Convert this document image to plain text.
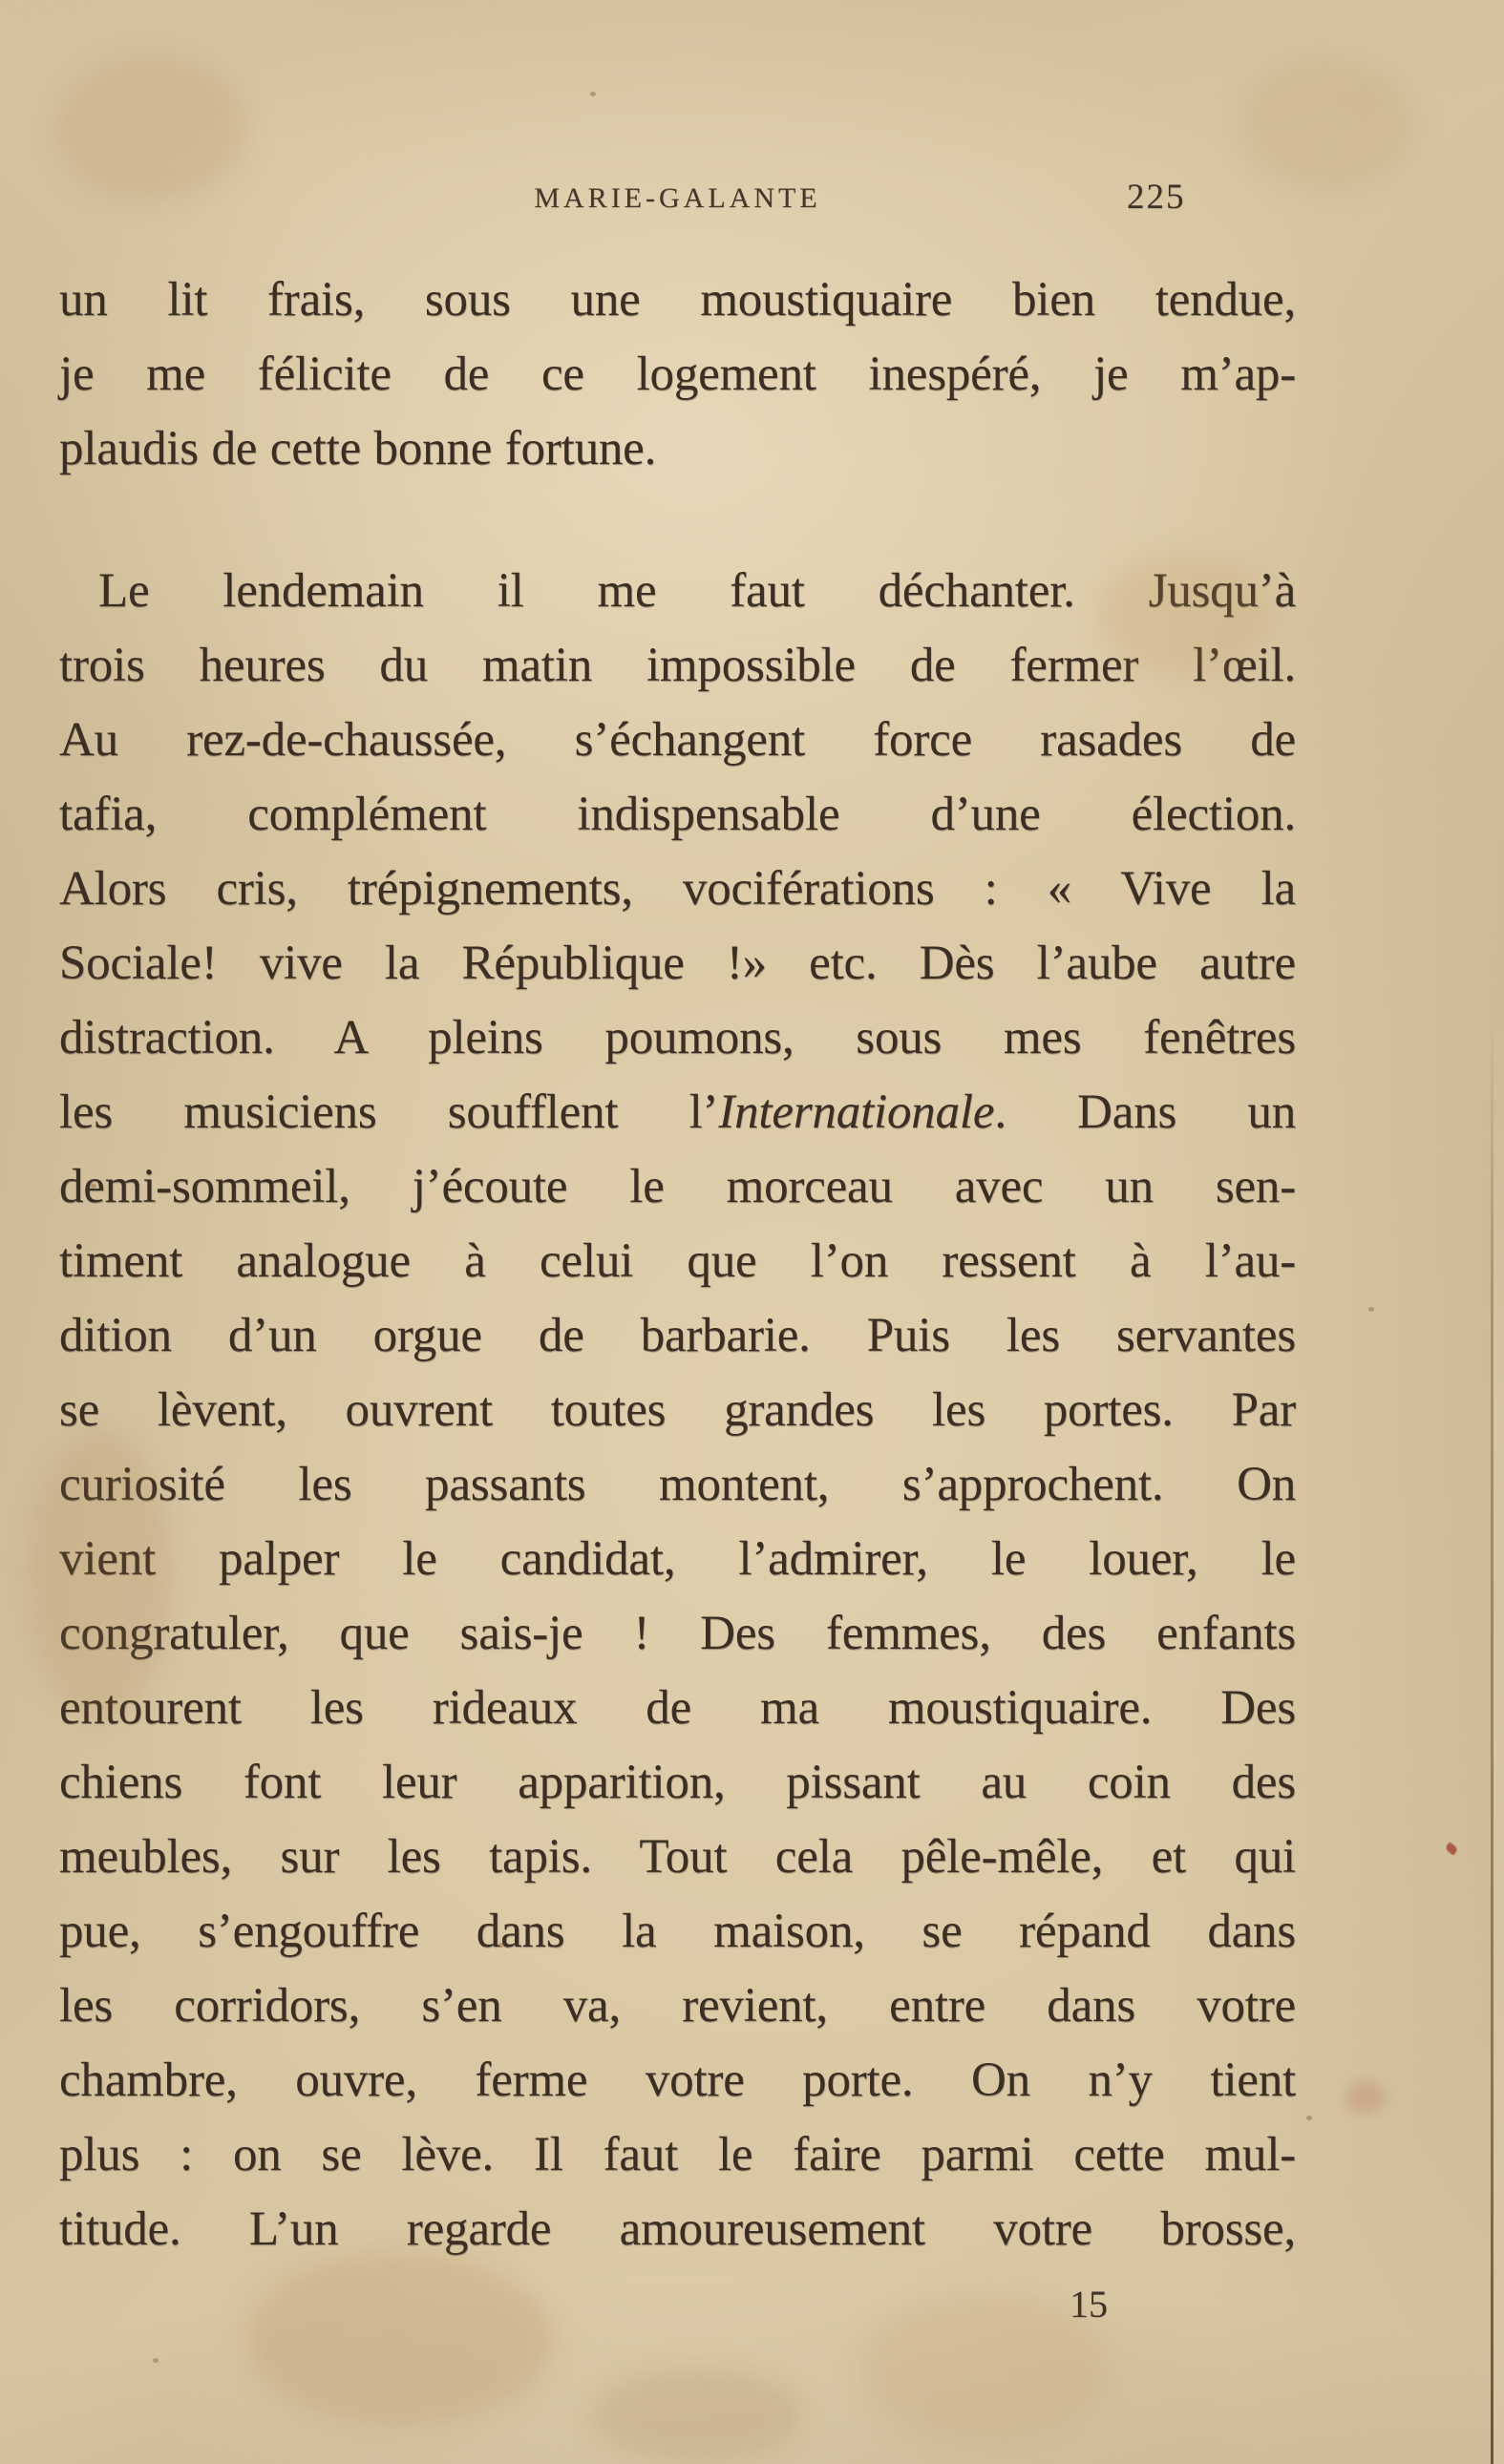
MARIE-GALANTE	225
un lit frais, sous une moustiquaire bien tendue,
je me félicite de ce logement inespéré, je m’ap-
plaudis de cette bonne fortune.
Le lendemain il me faut déchanter. Jusqu’à
trois heures du matin impossible de fermer l’œil.
Au rez-de-chaussée, s’échangent force rasades de
tafia, complément indispensable d’une élection.
Alors cris, trépignements, vociférations : « Vive la
Sociale! vive la République !» etc. Dès l’aube autre
distraction. A pleins poumons, sous mes fenêtres
les musiciens soufflent l’Internationale. Dans un
demi-sommeil, j’écoute le morceau avec un sen-
timent analogue à celui que l’on ressent à l’au-
dition d’un orgue de barbarie. Puis les servantes
se lèvent, ouvrent toutes grandes les portes. Par
curiosité les passants montent, s’approchent. On
vient palper le candidat, l’admirer, le louer, le
congratuler, que sais-je ! Des femmes, des enfants
entourent les rideaux de ma moustiquaire. Des
chiens font leur apparition, pissant au coin des
meubles, sur les tapis. Tout cela pêle-mêle, et qui
pue, s’engouffre dans la maison, se répand dans
les corridors, s’en va, revient, entre dans votre
chambre, ouvre, ferme votre porte. On n’y tient
plus : on se lève. Il faut le faire parmi cette mul-
titude. L’un regarde amoureusement votre brosse,
15
